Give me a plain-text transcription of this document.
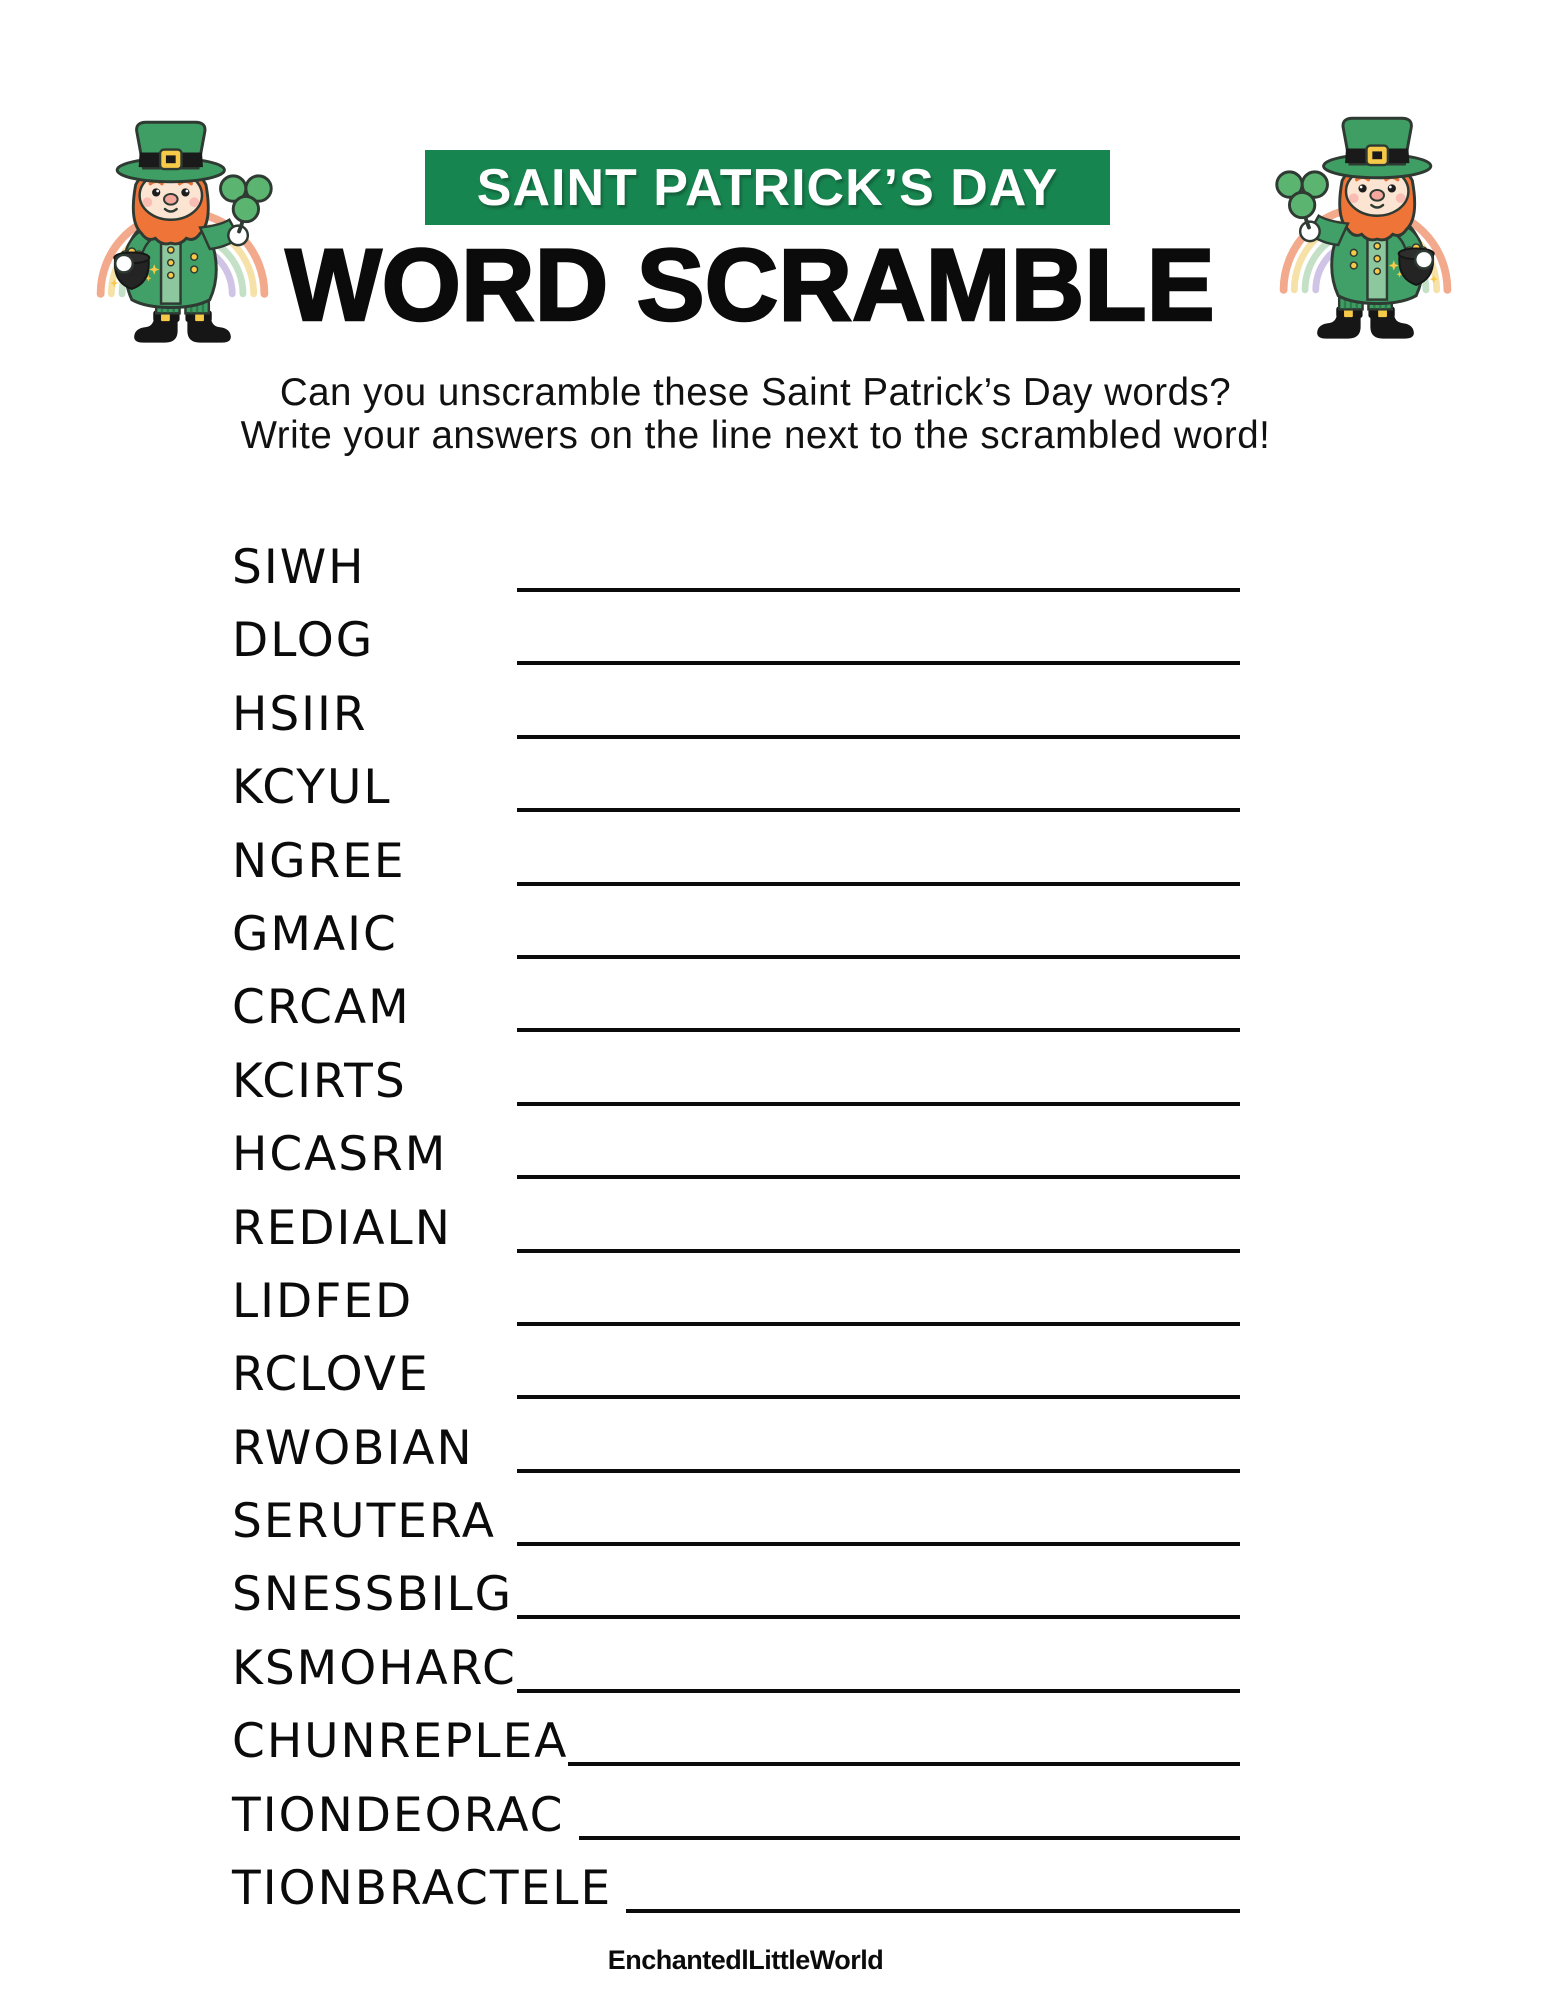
SAINT PATRICK’S DAY
WORD SCRAMBLE
Can you unscramble these Saint Patrick’s Day words?
Write your answers on the line next to the scrambled word!
SIWH
DLOG
HSIIR
KCYUL
NGREE
GMAIC
CRCAM
KCIRTS
HCASRM
REDIALN
LIDFED
RCLOVE
RWOBIAN
SERUTERA
SNESSBILG
KSMOHARC
CHUNREPLEA
TIONDEORAC
TIONBRACTELE
EnchantedlLittleWorld
